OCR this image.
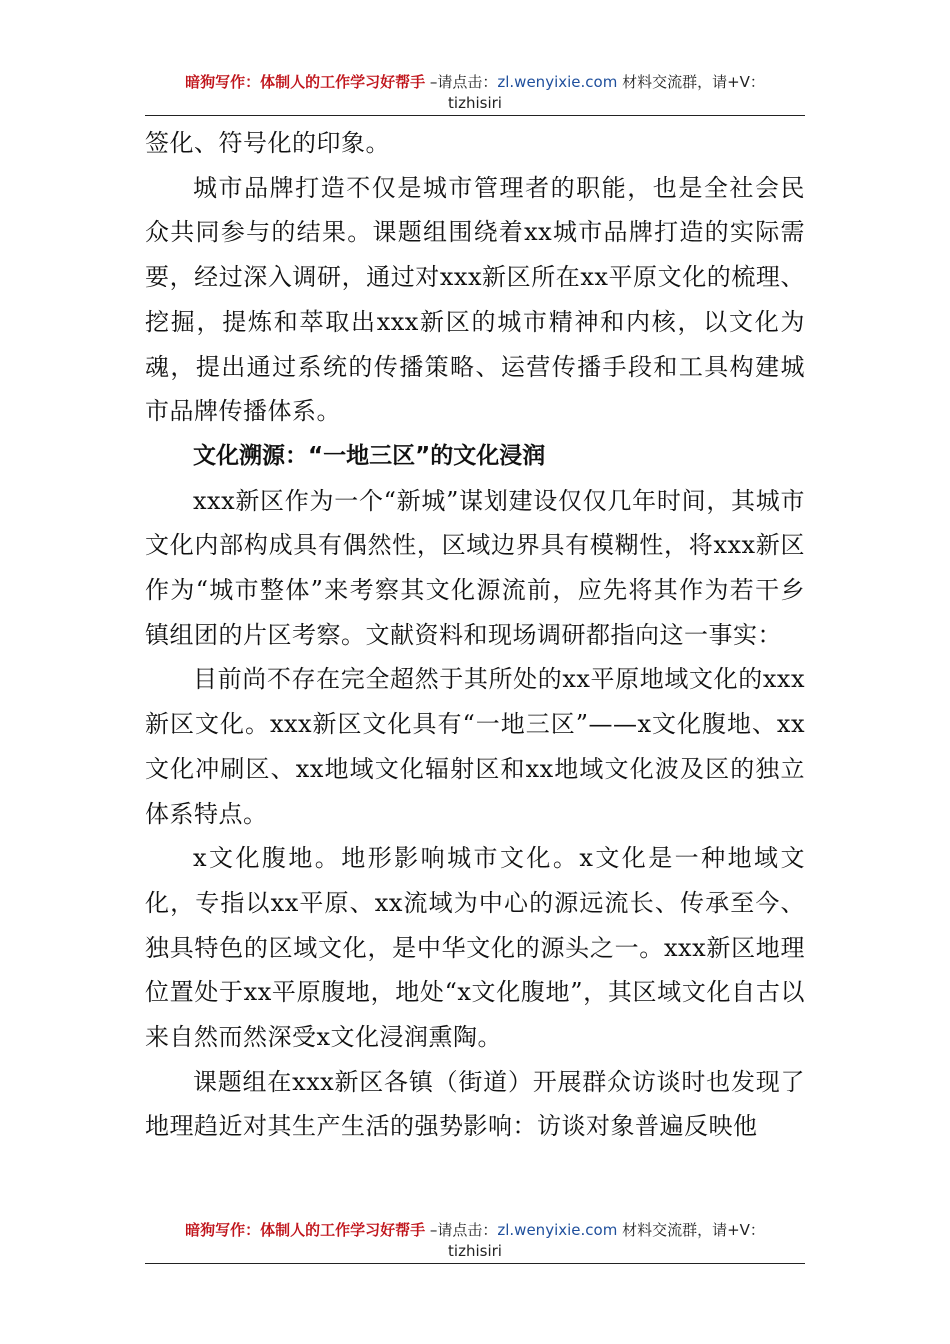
暗狗写作：体制人的工作学习好帮手 –请点击：zl.wenyixie.com 材料交流群，请+V：
tizhisiri

签化、符号化的印象。

城市品牌打造不仅是城市管理者的职能，也是全社会民众共同参与的结果。课题组围绕着xx城市品牌打造的实际需要，经过深入调研，通过对xxx新区所在xx平原文化的梳理、挖掘，提炼和萃取出xxx新区的城市精神和内核，以文化为魂，提出通过系统的传播策略、运营传播手段和工具构建城市品牌传播体系。

文化溯源：“一地三区”的文化浸润

xxx新区作为一个“新城”谋划建设仅仅几年时间，其城市文化内部构成具有偶然性，区域边界具有模糊性，将xxx新区作为“城市整体”来考察其文化源流前，应先将其作为若干乡镇组团的片区考察。文献资料和现场调研都指向这一事实：

目前尚不存在完全超然于其所处的xx平原地域文化的xxx新区文化。xxx新区文化具有“一地三区”——x文化腹地、xx文化冲刷区、xx地域文化辐射区和xx地域文化波及区的独立体系特点。

x文化腹地。地形影响城市文化。x文化是一种地域文化，专指以xx平原、xx流域为中心的源远流长、传承至今、独具特色的区域文化，是中华文化的源头之一。xxx新区地理位置处于xx平原腹地，地处“x文化腹地”，其区域文化自古以来自然而然深受x文化浸润熏陶。

课题组在xxx新区各镇（街道）开展群众访谈时也发现了地理趋近对其生产生活的强势影响：访谈对象普遍反映他

暗狗写作：体制人的工作学习好帮手 –请点击：zl.wenyixie.com 材料交流群，请+V：
tizhisiri
